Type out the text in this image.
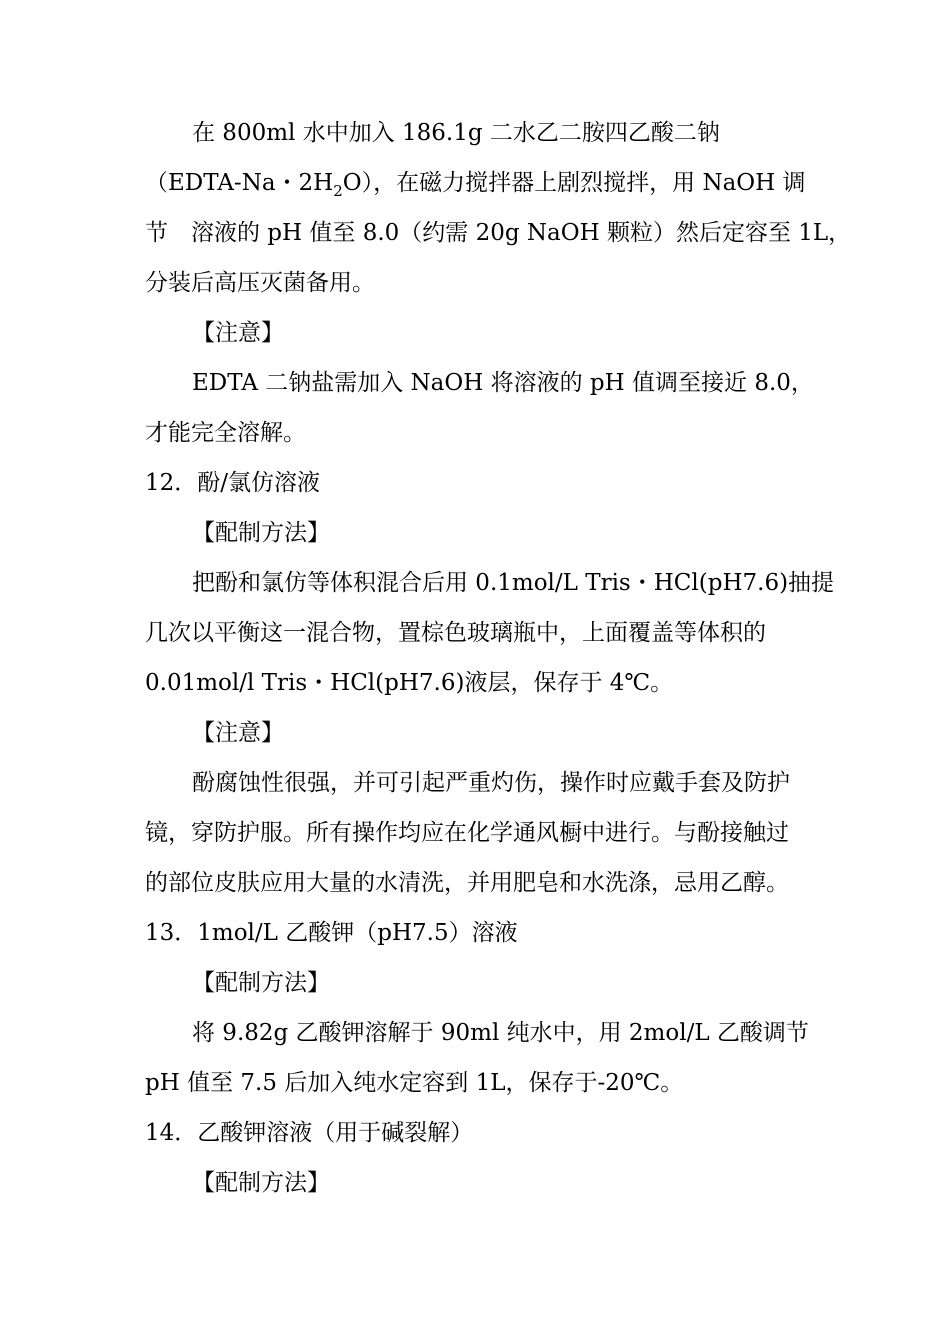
在 800ml 水中加入 186.1g 二水乙二胺四乙酸二钠
（EDTA-Na・$2H_2O$），在磁力搅拌器上剧烈搅拌，用 NaOH 调
节　溶液的 pH 值至 8.0（约需 20g NaOH 颗粒）然后定容至 1L，
分装后高压灭菌备用。
【注意】
EDTA 二钠盐需加入 NaOH 将溶液的 pH 值调至接近 8.0，
才能完全溶解。
12．酚/氯仿溶液
【配制方法】
把酚和氯仿等体积混合后用 0.1mol/L Tris・HCl(pH7.6)抽提
几次以平衡这一混合物，置棕色玻璃瓶中，上面覆盖等体积的
0.01mol/l Tris・HCl(pH7.6)液层，保存于 4℃。
【注意】
酚腐蚀性很强，并可引起严重灼伤，操作时应戴手套及防护
镜，穿防护服。所有操作均应在化学通风橱中进行。与酚接触过
的部位皮肤应用大量的水清洗，并用肥皂和水洗涤，忌用乙醇。
13．1mol/L 乙酸钾（pH7.5）溶液
【配制方法】
将 9.82g 乙酸钾溶解于 90ml 纯水中，用 2mol/L 乙酸调节
pH 值至 7.5 后加入纯水定容到 1L，保存于-20℃。
14．乙酸钾溶液（用于碱裂解）
【配制方法】
